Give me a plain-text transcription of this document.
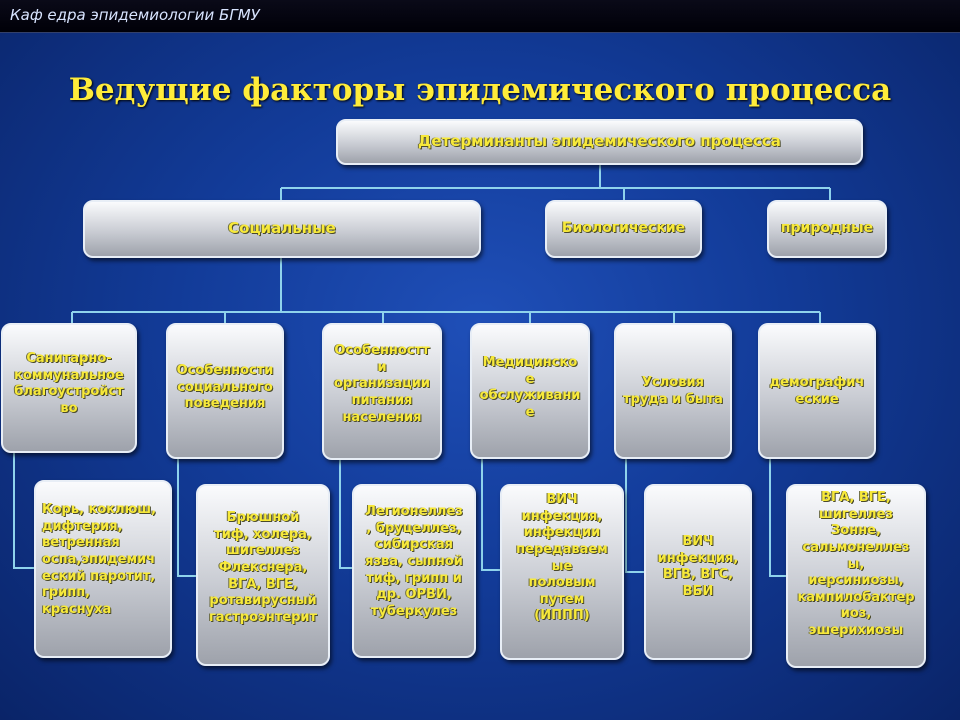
Каф едра эпидемиологии БГМУ
Ведущие факторы эпидемического процесса
Детерминанты эпидемического процесса
Социальные	Биологические	природные
Санитарно-
коммунальное
благоустройст
во
Особенности
социального
поведения
Особенностт
и
организации
питания
населения
Медицинско
е
обслуживани
е
Условия
труда и быта
демографич
еские
Корь, коклюш,
дифтерия,
ветренная
оспа,эпидемич
еский паротит,
грипп,
краснуха
Брюшной
тиф, холера,
шигеллез
Флекснера,
ВГА, ВГЕ,
ротавирусный
гастроэнтерит
Легионеллез
, бруцеллез,
сибирская
язва, сыпной
тиф, грипп и
др. ОРВИ,
туберкулез
ВИЧ
инфекция,
инфекции
передавaем
ые
половым
путем
(ИППП)
ВИЧ
инфекция,
ВГВ, ВГС,
ВБИ
ВГА, ВГЕ,
шигеллез
Зонне,
сальмонеллез
ы,
иерсиниозы,
кампилобактер
иоз,
эшерихиозы
